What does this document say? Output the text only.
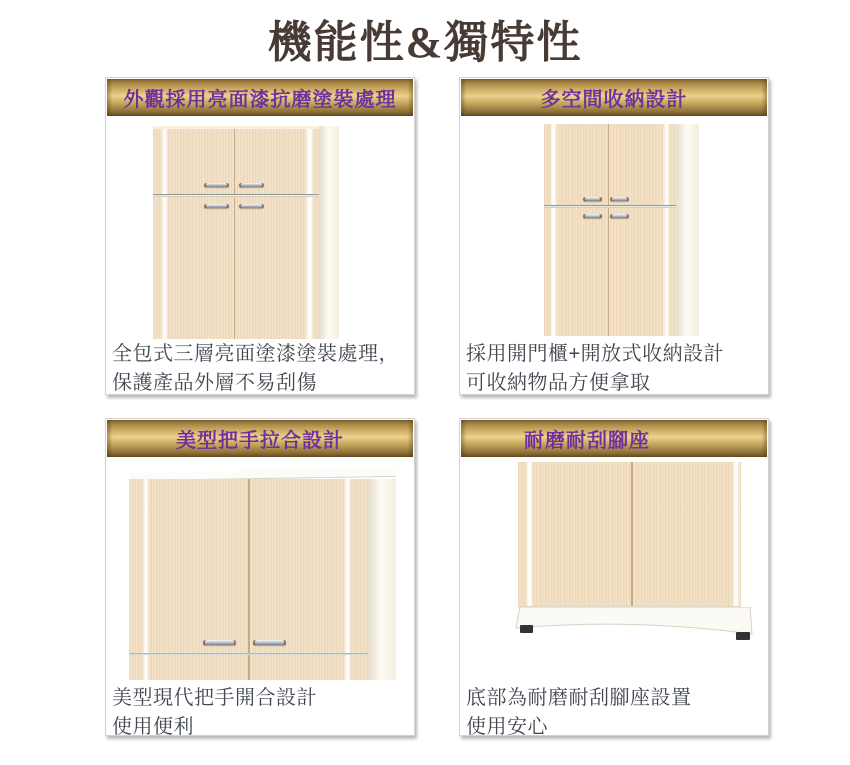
機能性&獨特性
外觀採用亮面漆抗磨塗裝處理

全包式三層亮面塗漆塗裝處理，
保護產品外層不易刮傷

多空間收納設計

採用開門櫃+開放式收納設計
可收納物品方便拿取

美型把手拉合設計

美型現代把手開合設計
使用便利

耐磨耐刮腳座

底部為耐磨耐刮腳座設置
使用安心
